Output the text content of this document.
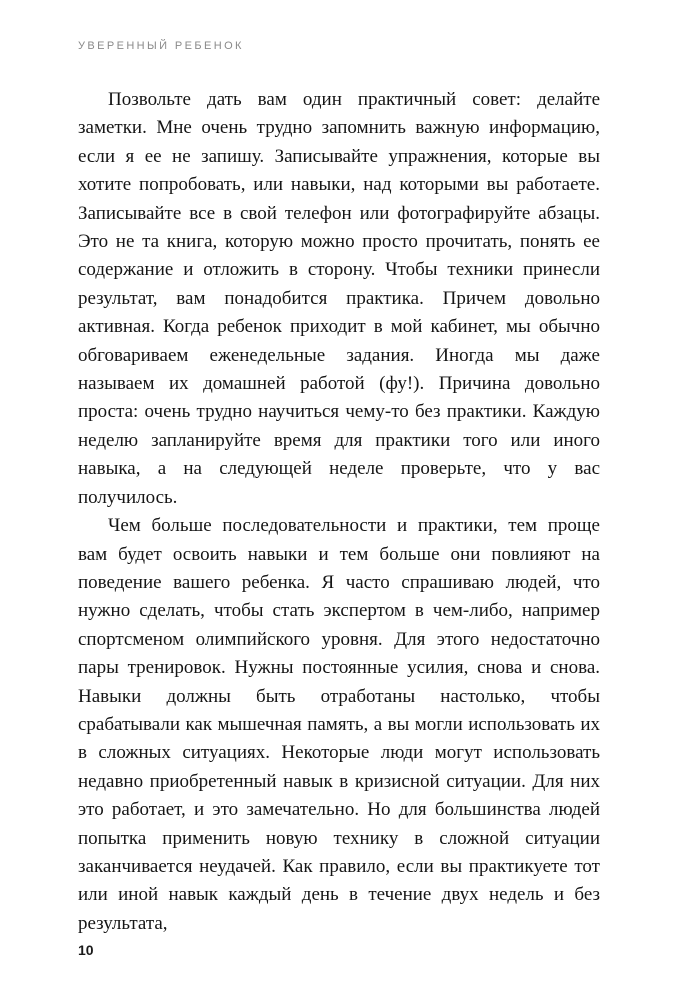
УВЕРЕННЫЙ РЕБЕНОК

Позвольте дать вам один практичный совет: делайте заметки. Мне очень трудно запомнить важную информацию, если я ее не запишу. Записывайте упражнения, которые вы хотите попробовать, или навыки, над которыми вы работаете. Записывайте все в свой телефон или фотографируйте абзацы. Это не та книга, которую можно просто прочитать, понять ее содержание и отложить в сторону. Чтобы техники принесли результат, вам понадобится практика. Причем довольно активная. Когда ребенок приходит в мой кабинет, мы обычно обговариваем еженедельные задания. Иногда мы даже называем их домашней работой (фу!). Причина довольно проста: очень трудно научиться чему-то без практики. Каждую неделю запланируйте время для практики того или иного навыка, а на следующей неделе проверьте, что у вас получилось.

Чем больше последовательности и практики, тем проще вам будет освоить навыки и тем больше они повлияют на поведение вашего ребенка. Я часто спрашиваю людей, что нужно сделать, чтобы стать экспертом в чем-либо, например спортсменом олимпийского уровня. Для этого недостаточно пары тренировок. Нужны постоянные усилия, снова и снова. Навыки должны быть отработаны настолько, чтобы срабатывали как мышечная память, а вы могли использовать их в сложных ситуациях. Некоторые люди могут использовать недавно приобретенный навык в кризисной ситуации. Для них это работает, и это замечательно. Но для большинства людей попытка применить новую технику в сложной ситуации заканчивается неудачей. Как правило, если вы практикуете тот или иной навык каждый день в течение двух недель и без результата,

10
